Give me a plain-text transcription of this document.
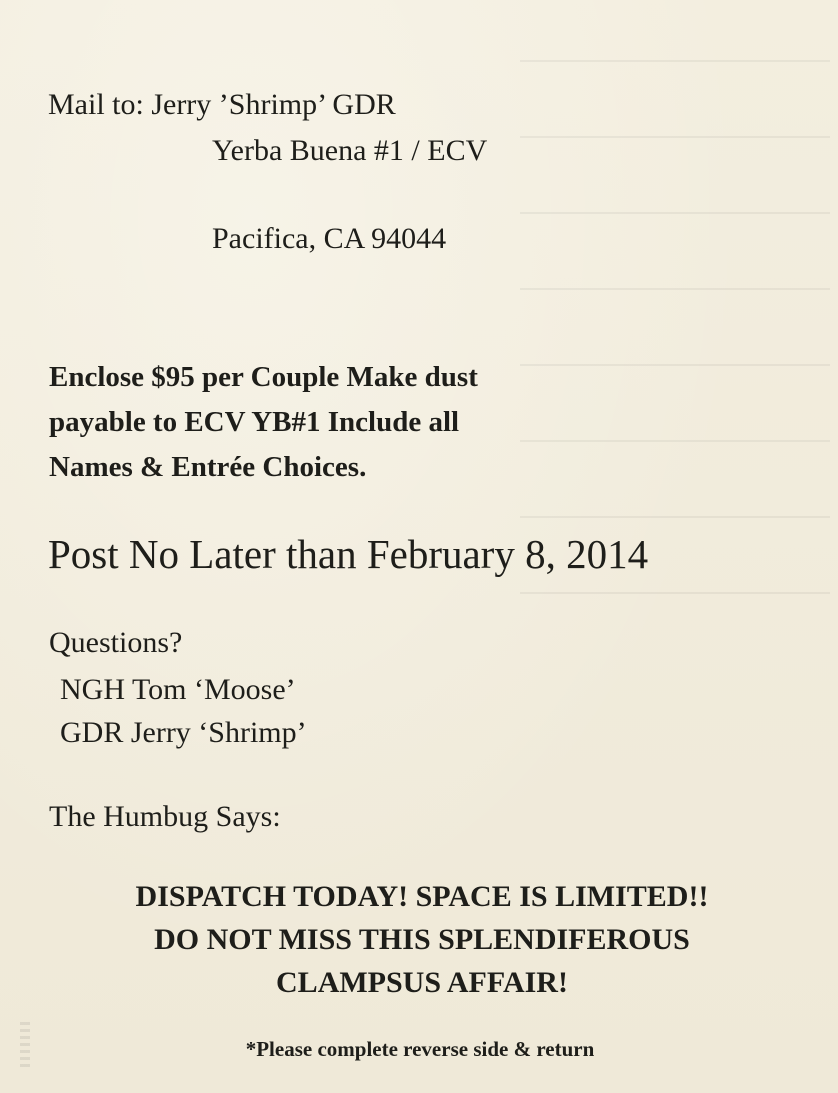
Mail to: Jerry ’Shrimp’ GDR
Yerba Buena #1 / ECV
Pacifica, CA 94044
Enclose $95 per Couple Make dust
payable to ECV YB#1 Include all
Names & Entrée Choices.
Post No Later than February 8, 2014
Questions?
NGH Tom ‘Moose’
GDR Jerry ‘Shrimp’
The Humbug Says:
DISPATCH TODAY! SPACE IS LIMITED!!
DO NOT MISS THIS SPLENDIFEROUS
CLAMPSUS AFFAIR!
*Please complete reverse side & return
